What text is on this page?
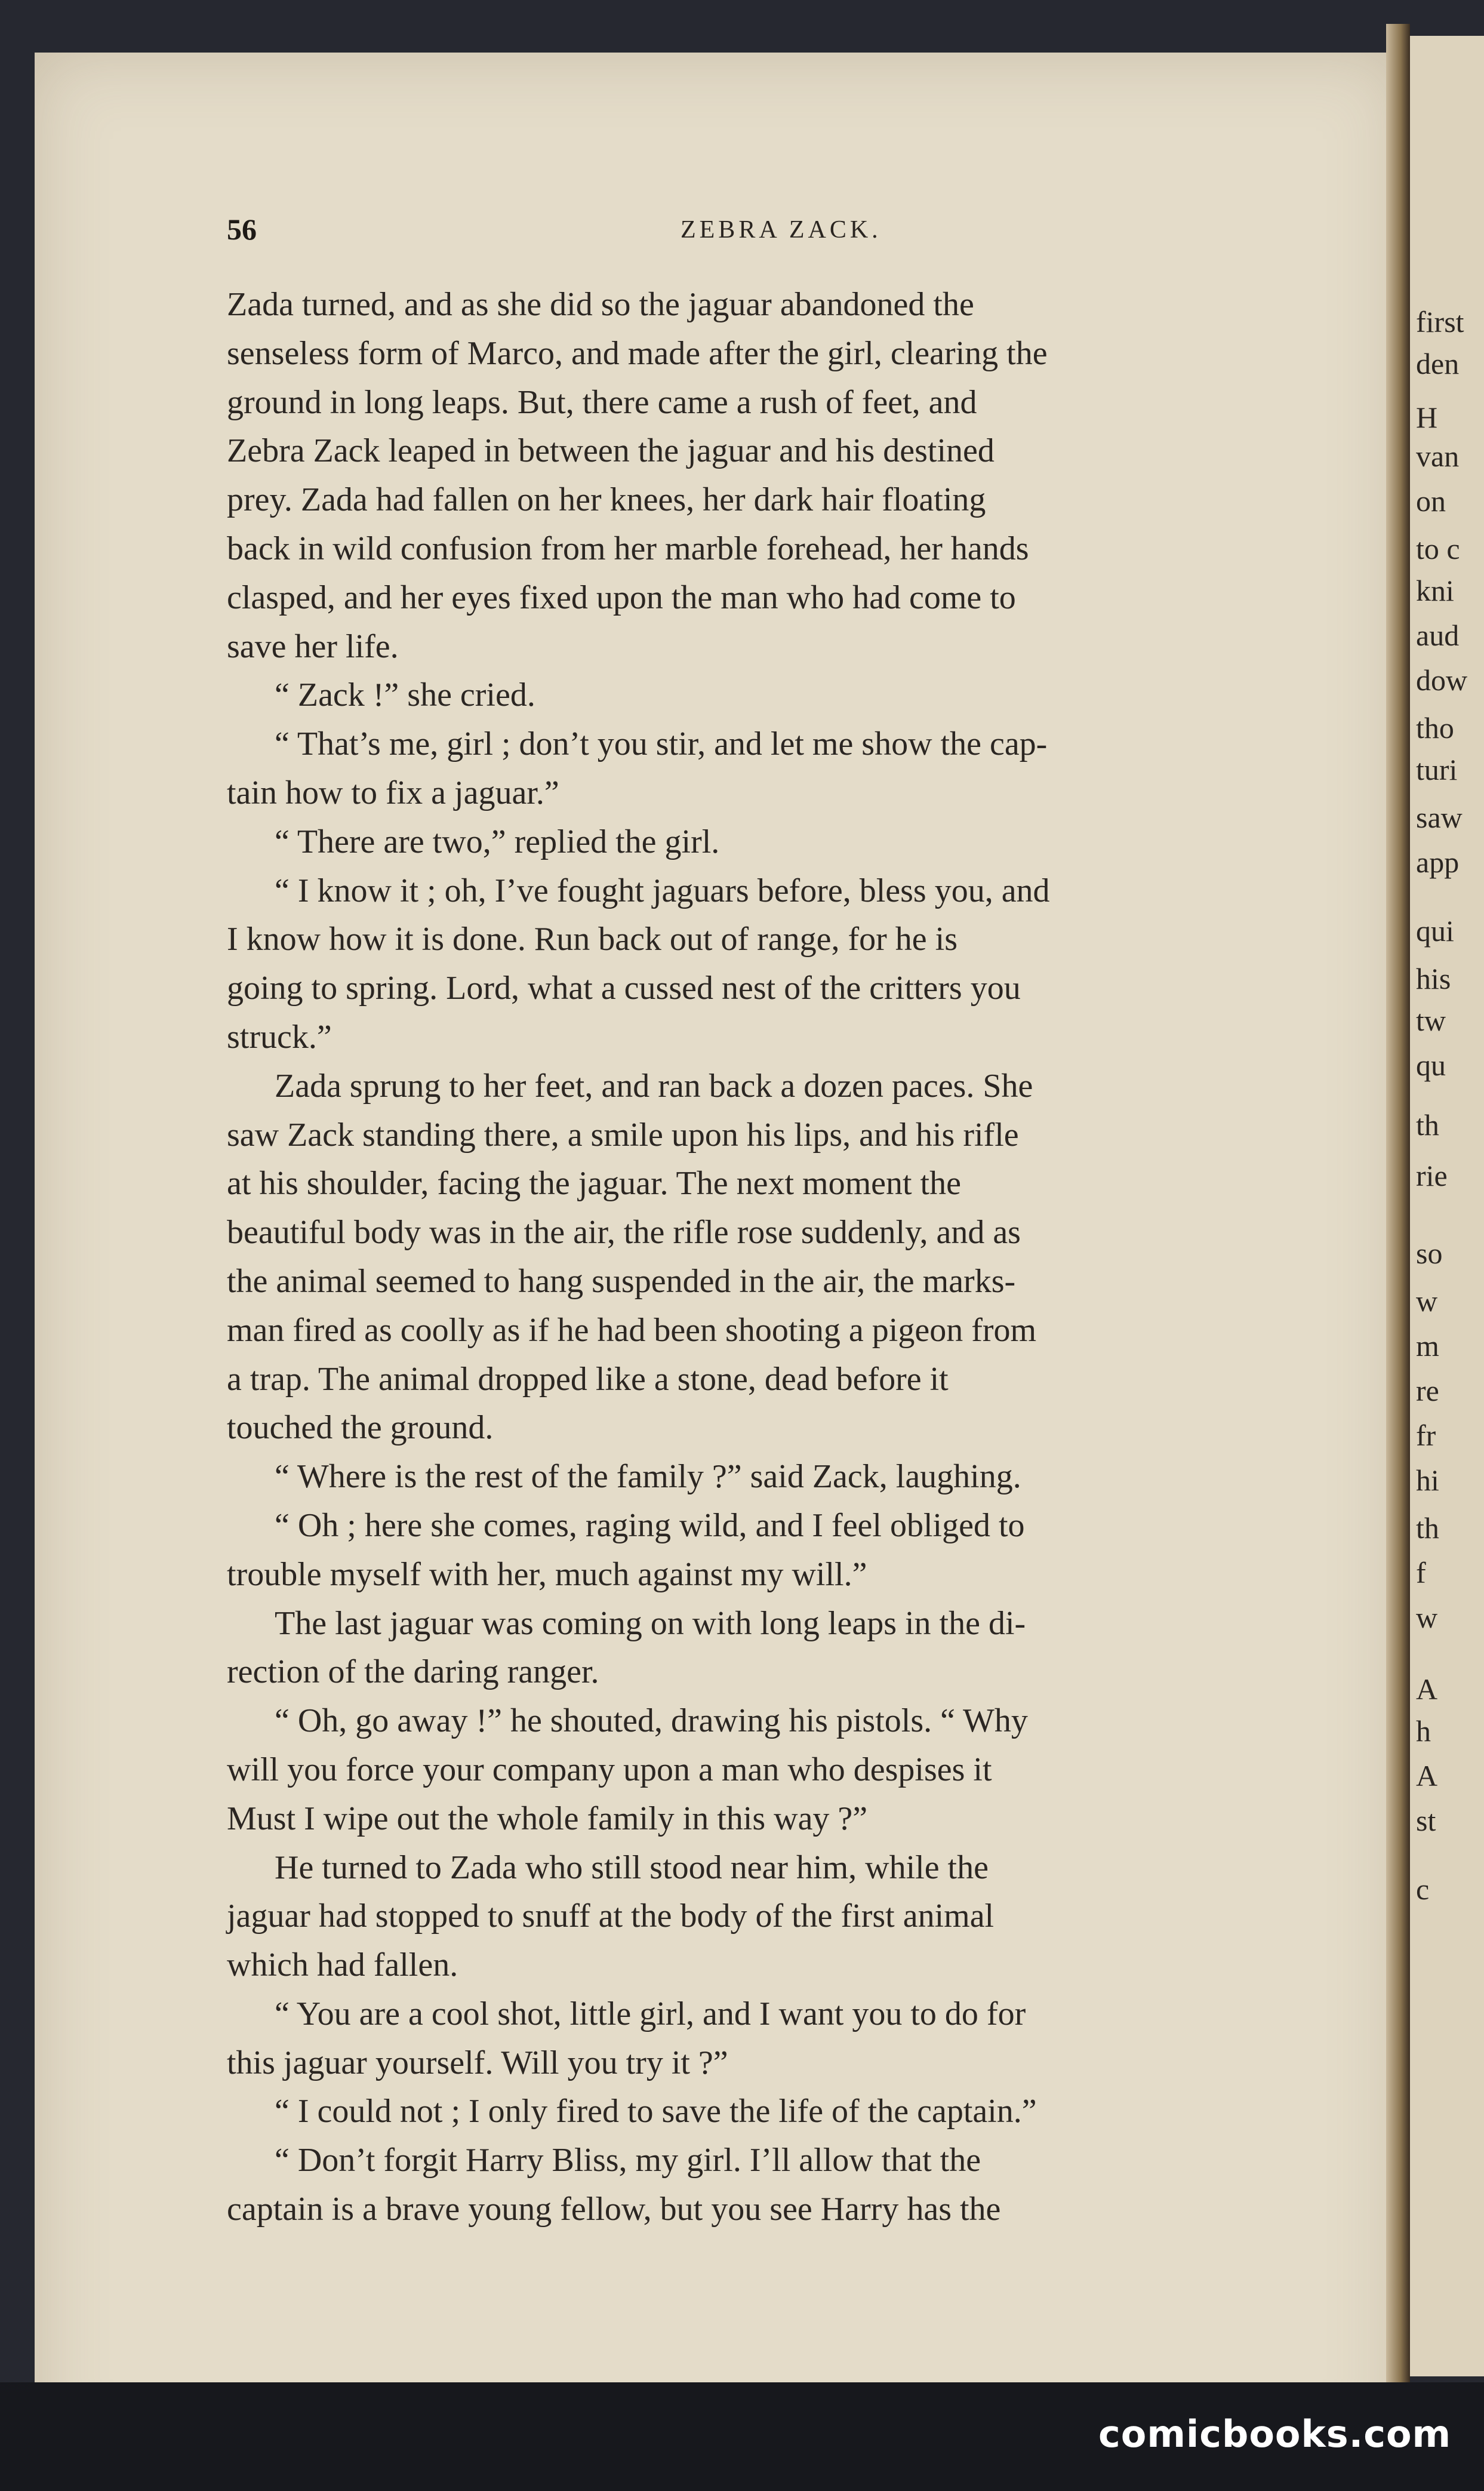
first
den
H
van
on
to c
kni
aud
dow
tho
turi
saw
app
qui
his
tw
qu
th
rie
so
w
m
re
fr
hi
th
f
w
A
h
A
st
c
56	ZEBRA ZACK.
Zada turned, and as she did so the jaguar abandoned the
senseless form of Marco, and made after the girl, clearing the
ground in long leaps. But, there came a rush of feet, and
Zebra Zack leaped in between the jaguar and his destined
prey. Zada had fallen on her knees, her dark hair floating
back in wild confusion from her marble forehead, her hands
clasped, and her eyes fixed upon the man who had come to
save her life.
“ Zack !” she cried.
“ That’s me, girl ; don’t you stir, and let me show the cap-
tain how to fix a jaguar.”
“ There are two,” replied the girl.
“ I know it ; oh, I’ve fought jaguars before, bless you, and
I know how it is done. Run back out of range, for he is
going to spring. Lord, what a cussed nest of the critters you
struck.”
Zada sprung to her feet, and ran back a dozen paces. She
saw Zack standing there, a smile upon his lips, and his rifle
at his shoulder, facing the jaguar. The next moment the
beautiful body was in the air, the rifle rose suddenly, and as
the animal seemed to hang suspended in the air, the marks-
man fired as coolly as if he had been shooting a pigeon from
a trap. The animal dropped like a stone, dead before it
touched the ground.
“ Where is the rest of the family ?” said Zack, laughing.
“ Oh ; here she comes, raging wild, and I feel obliged to
trouble myself with her, much against my will.”
The last jaguar was coming on with long leaps in the di-
rection of the daring ranger.
“ Oh, go away !” he shouted, drawing his pistols. “ Why
will you force your company upon a man who despises it
Must I wipe out the whole family in this way ?”
He turned to Zada who still stood near him, while the
jaguar had stopped to snuff at the body of the first animal
which had fallen.
“ You are a cool shot, little girl, and I want you to do for
this jaguar yourself. Will you try it ?”
“ I could not ; I only fired to save the life of the captain.”
“ Don’t forgit Harry Bliss, my girl. I’ll allow that the
captain is a brave young fellow, but you see Harry has the
comicbooks.com
